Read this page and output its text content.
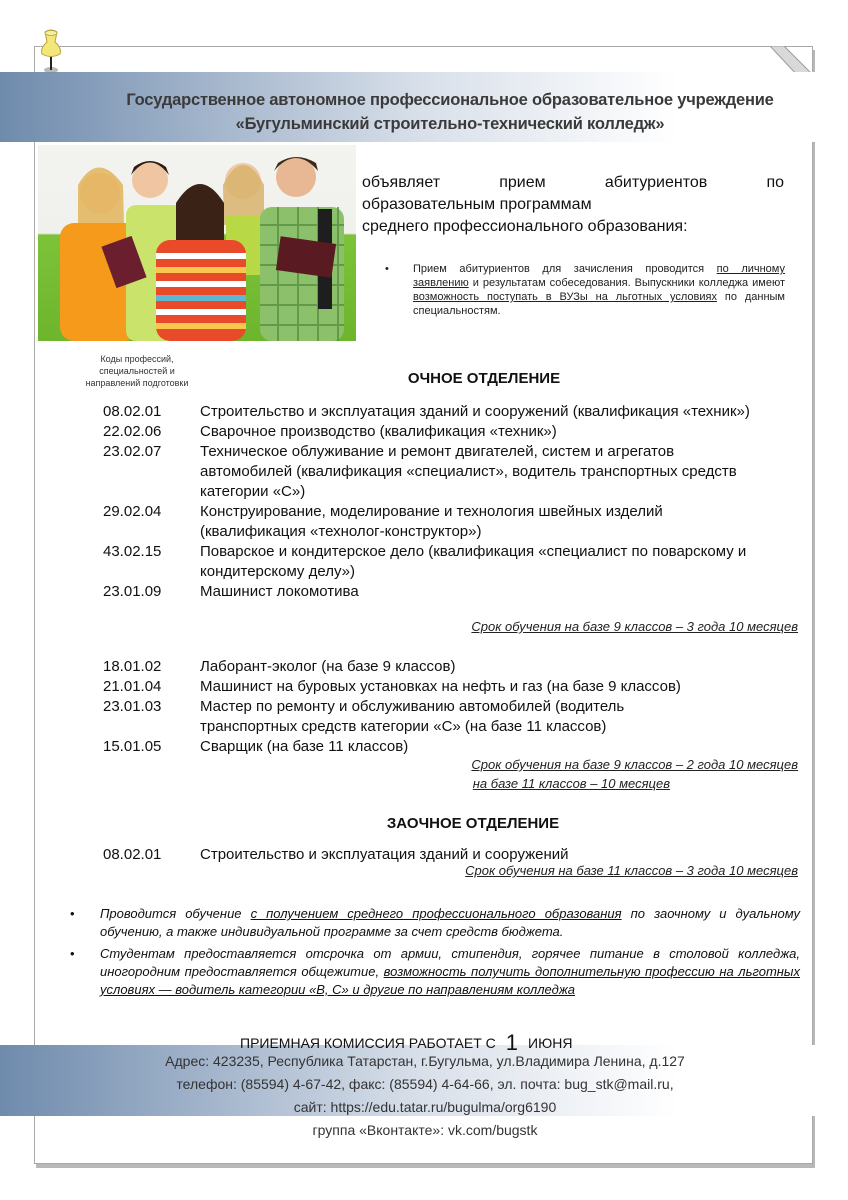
Государственное автономное профессиональное образовательное учреждение
«Бугульминский строительно-технический колледж»
объявляет	прием	абитуриентов	по
образовательным программам
среднего профессионального образования:
• Прием абитуриентов для зачисления проводится по личному заявлению и результатам собеседования. Выпускники колледжа имеют возможность поступать в ВУЗы на льготных условиях по данным специальностям.
Коды профессий, специальностей и направлений подготовки	ОЧНОЕ ОТДЕЛЕНИЕ
08.02.01	Строительство и эксплуатация зданий и сооружений (квалификация «техник»)
22.02.06	Сварочное производство (квалификация «техник»)
23.02.07	Техническое облуживание и ремонт двигателей, систем и агрегатов автомобилей (квалификация «специалист», водитель транспортных средств категории «С»)
29.02.04	Конструирование, моделирование и технология швейных изделий (квалификация «технолог-конструктор»)
43.02.15	Поварское и кондитерское дело (квалификация «специалист по поварскому и кондитерскому делу»)
23.01.09	Машинист локомотива
Срок обучения на базе 9 классов – 3 года 10 месяцев
18.01.02	Лаборант-эколог (на базе 9 классов)
21.01.04	Машинист на буровых установках на нефть и газ (на базе 9 классов)
23.01.03	Мастер по ремонту и обслуживанию автомобилей (водитель транспортных средств категории «С» (на базе 11 классов)
15.01.05	Сварщик (на базе 11 классов)
Срок обучения на базе 9 классов – 2 года 10 месяцев
на базе 11 классов – 10 месяцев
ЗАОЧНОЕ ОТДЕЛЕНИЕ
08.02.01	Строительство и эксплуатация зданий и сооружений
Срок обучения на базе 11 классов – 3 года 10 месяцев
• Проводится обучение с получением среднего профессионального образования по заочному и дуальному обучению, а также индивидуальной программе за счет средств бюджета.
• Студентам предоставляется отсрочка от армии, стипендия, горячее питание в столовой колледжа, иногородним предоставляется общежитие, возможность получить дополнительную профессию на льготных условиях — водитель категории «В, С» и другие по направлениям колледжа
ПРИЕМНАЯ КОМИССИЯ РАБОТАЕТ С 1 ИЮНЯ
Адрес: 423235, Республика Татарстан, г.Бугульма, ул.Владимира Ленина, д.127
телефон: (85594) 4-67-42, факс: (85594) 4-64-66, эл. почта: bug_stk@mail.ru,
сайт: https://edu.tatar.ru/bugulma/org6190
группа «Вконтакте»: vk.com/bugstk
